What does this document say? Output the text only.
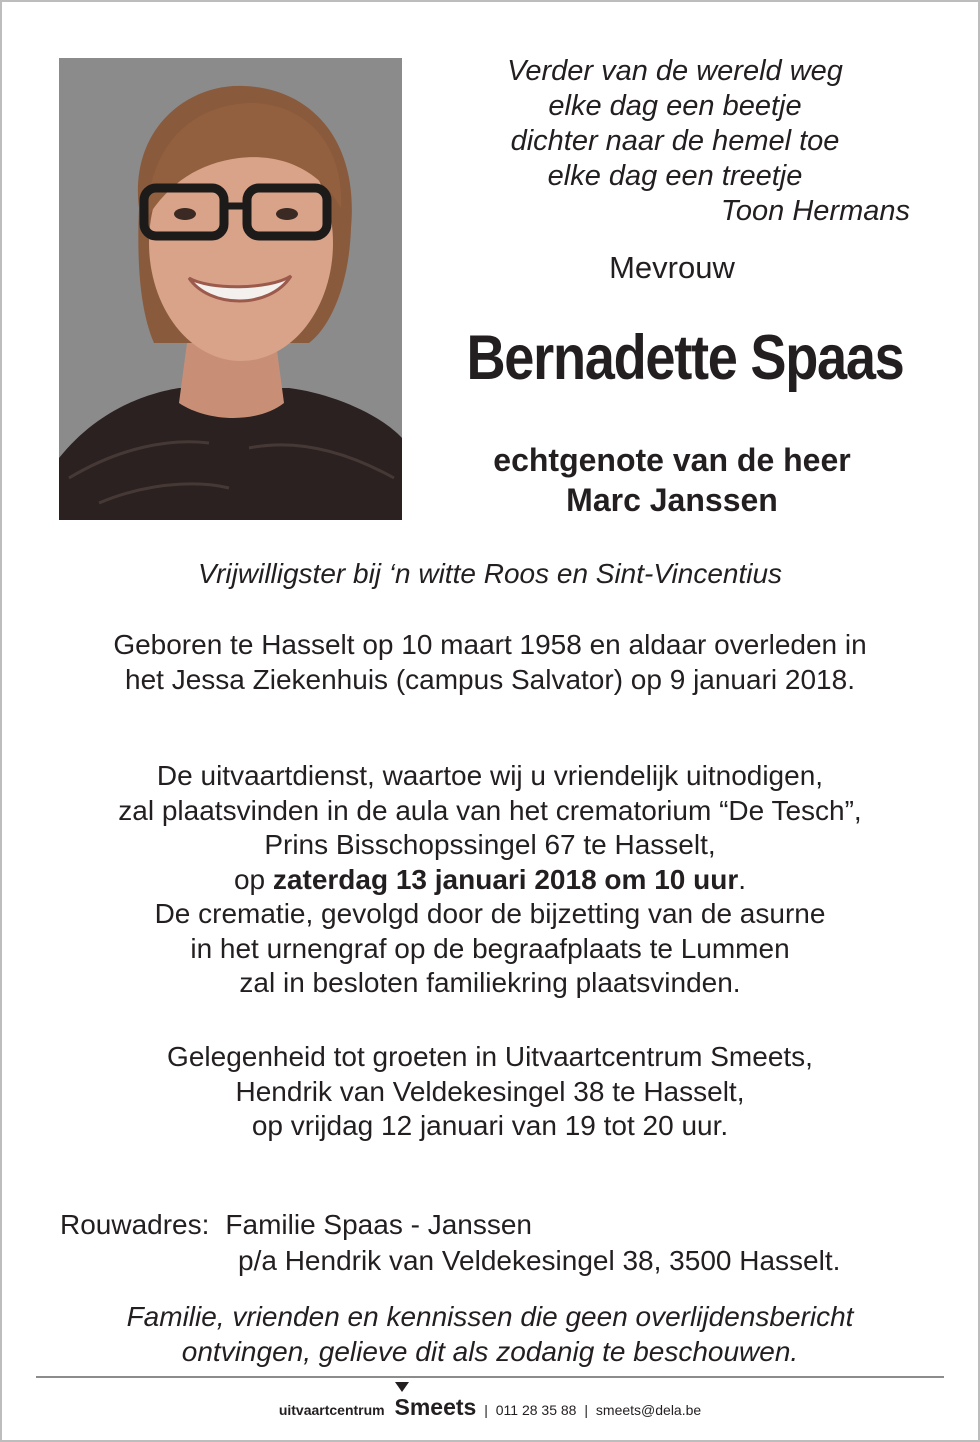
Verder van de wereld weg
elke dag een beetje
dichter naar de hemel toe
elke dag een treetje
Toon Hermans
Mevrouw
Bernadette Spaas
echtgenote van de heer
Marc Janssen
Vrijwilligster bij ‘n witte Roos en Sint-Vincentius
Geboren te Hasselt op 10 maart 1958 en aldaar overleden in
het Jessa Ziekenhuis (campus Salvator) op 9 januari 2018.
De uitvaartdienst, waartoe wij u vriendelijk uitnodigen,
zal plaatsvinden in de aula van het crematorium “De Tesch”,
Prins Bisschopssingel 67 te Hasselt,
op zaterdag 13 januari 2018 om 10 uur.
De crematie, gevolgd door de bijzetting van de asurne
in het urnengraf op de begraafplaats te Lummen
zal in besloten familiekring plaatsvinden.
Gelegenheid tot groeten in Uitvaartcentrum Smeets,
Hendrik van Veldekesingel 38 te Hasselt,
op vrijdag 12 januari van 19 tot 20 uur.
Rouwadres: Familie Spaas - Janssen
p/a Hendrik van Veldekesingel 38, 3500 Hasselt.
Familie, vrienden en kennissen die geen overlijdensbericht
ontvingen, gelieve dit als zodanig te beschouwen.
uitvaartcentrum Smeets | 011 28 35 88 | smeets@dela.be
